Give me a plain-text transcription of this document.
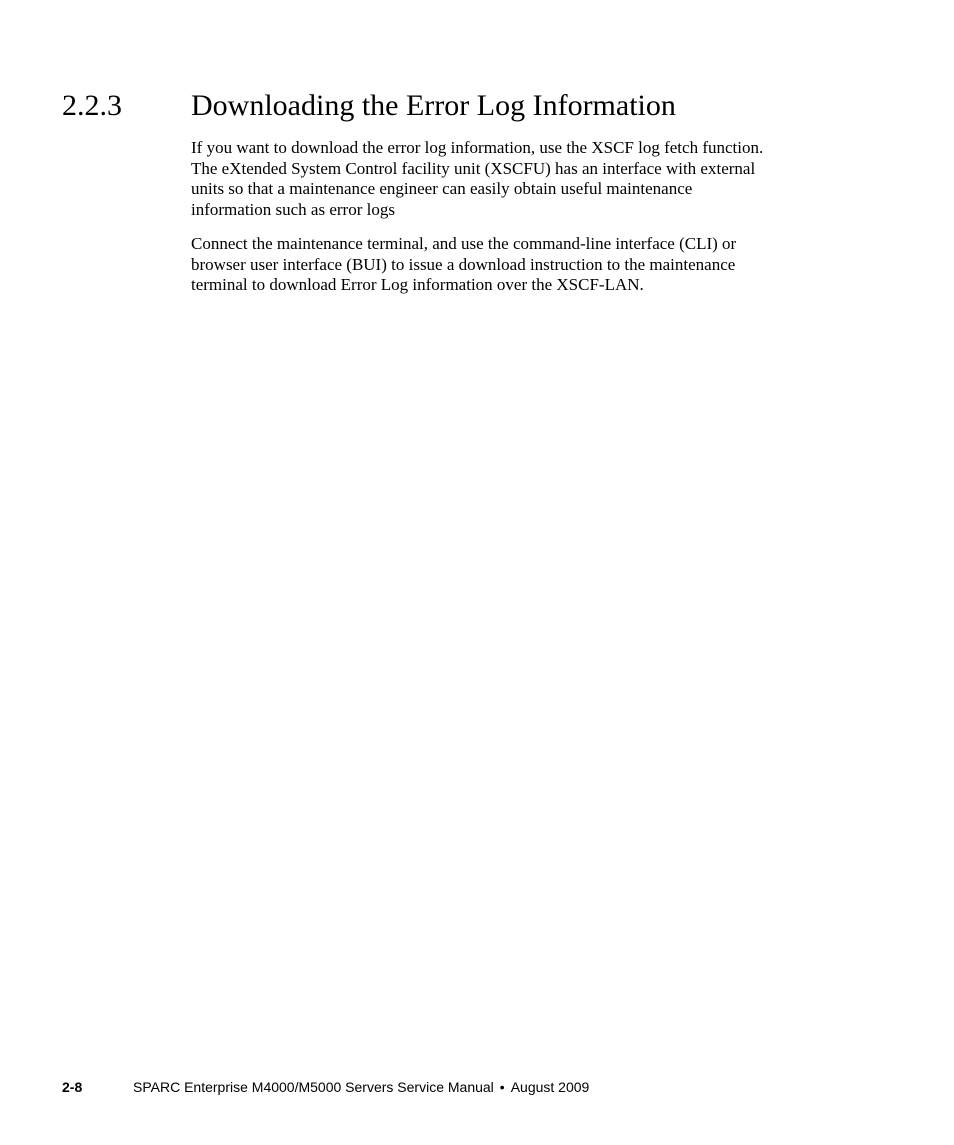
2.2.3 Downloading the Error Log Information

If you want to download the error log information, use the XSCF log fetch function.
The eXtended System Control facility unit (XSCFU) has an interface with external
units so that a maintenance engineer can easily obtain useful maintenance
information such as error logs

Connect the maintenance terminal, and use the command-line interface (CLI) or
browser user interface (BUI) to issue a download instruction to the maintenance
terminal to download Error Log information over the XSCF-LAN.

2-8	SPARC Enterprise M4000/M5000 Servers Service Manual • August 2009
